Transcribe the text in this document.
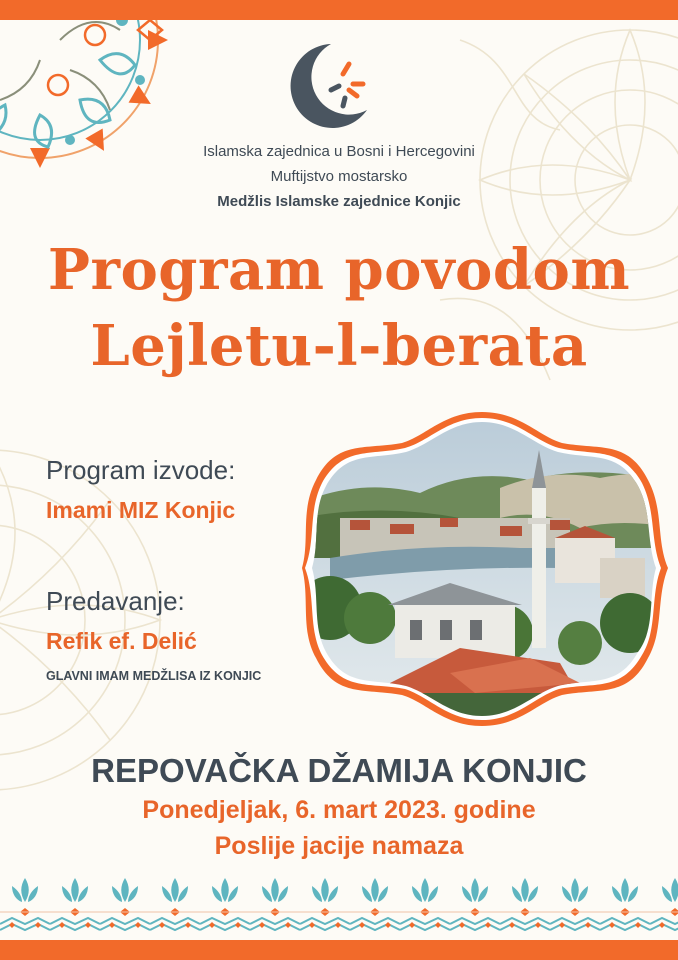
Islamska zajednica u Bosni i Hercegovini
Muftijstvo mostarsko
Medžlis Islamske zajednice Konjic
Program povodom
Lejletu-l-berata
Program izvode:
Imami MIZ Konjic
Predavanje:
Refik ef. Delić
GLAVNI IMAM MEDŽLISA IZ KONJIC
REPOVAČKA DŽAMIJA KONJIC
Ponedjeljak, 6. mart 2023. godine
Poslije jacije namaza
